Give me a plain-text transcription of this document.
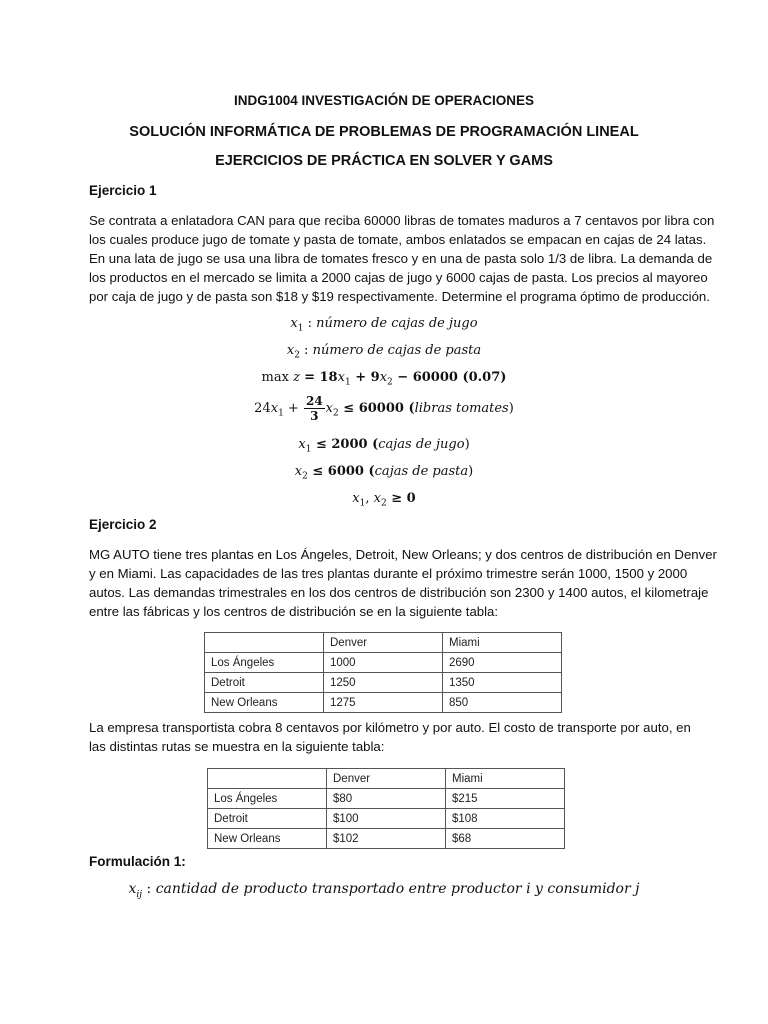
INDG1004 INVESTIGACIÓN DE OPERACIONES
SOLUCIÓN INFORMÁTICA DE PROBLEMAS DE PROGRAMACIÓN LINEAL
EJERCICIOS DE PRÁCTICA EN SOLVER Y GAMS
Ejercicio 1
Se contrata a enlatadora CAN para que reciba 60000 libras de tomates maduros a 7 centavos por libra con
los cuales produce jugo de tomate y pasta de tomate, ambos enlatados se empacan en cajas de 24 latas.
En una lata de jugo se usa una libra de tomates fresco y en una de pasta solo 1/3 de libra. La demanda de
los productos en el mercado se limita a 2000 cajas de jugo y 6000 cajas de pasta. Los precios al mayoreo
por caja de jugo y de pasta son $18 y $19 respectivamente. Determine el programa óptimo de producción.
$x_1$ : número de cajas de jugo
$x_2$ : número de cajas de pasta
$\max z = 18x_1 + 9x_2 - 60000$ (0.07)
$24x_1 + \frac{24}{3} x_2 \le 60000$ (libras tomates)
$x_1 \le 2000$ (cajas de jugo)
$x_2 \le 6000$ (cajas de pasta)
$x_1$, $x_2 \ge 0$
Ejercicio 2
MG AUTO tiene tres plantas en Los Ángeles, Detroit, New Orleans; y dos centros de distribución en Denver
y en Miami. Las capacidades de las tres plantas durante el próximo trimestre serán 1000, 1500 y 2000
autos. Las demandas trimestrales en los dos centros de distribución son 2300 y 1400 autos, el kilometraje
entre las fábricas y los centros de distribución se en la siguiente tabla:
	Denver	Miami
Los Ángeles	1000	2690
Detroit	1250	1350
New Orleans	1275	850
La empresa transportista cobra 8 centavos por kilómetro y por auto. El costo de transporte por auto, en
las distintas rutas se muestra en la siguiente tabla:
	Denver	Miami
Los Ángeles	$80	$215
Detroit	$100	$108
New Orleans	$102	$68
Formulación 1:
$x_{ij}$ : cantidad de producto transportado entre productor i y consumidor j
